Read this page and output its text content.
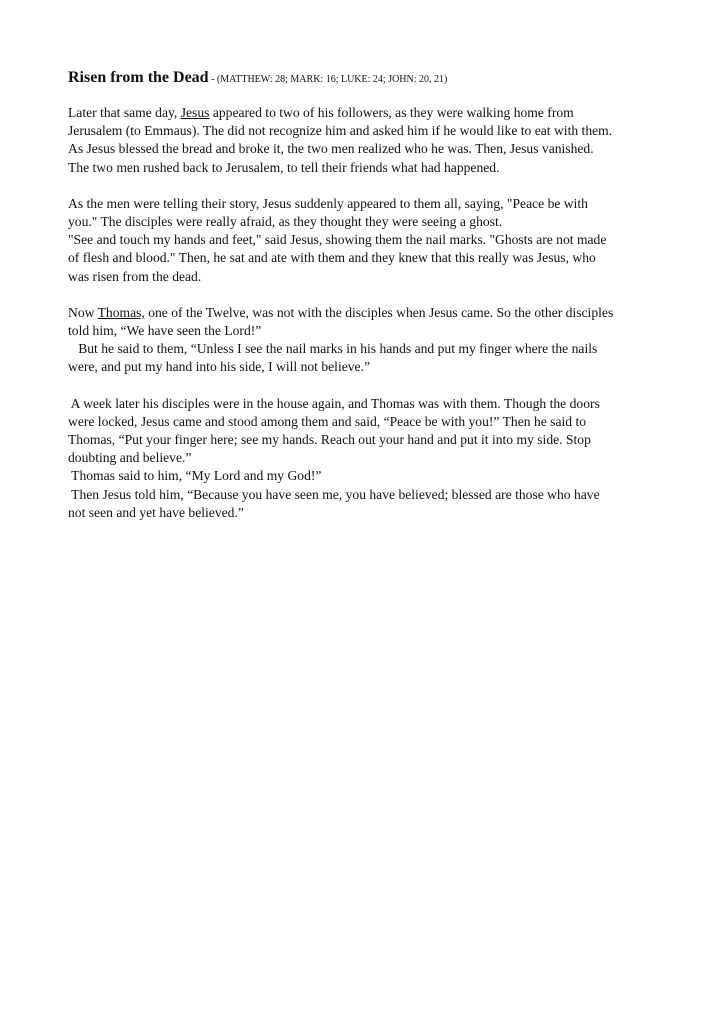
Risen from the Dead - (MATTHEW: 28; MARK: 16; LUKE: 24; JOHN: 20, 21)
Later that same day, Jesus appeared to two of his followers, as they were walking home from
Jerusalem (to Emmaus). The did not recognize him and asked him if he would like to eat with them.
As Jesus blessed the bread and broke it, the two men realized who he was. Then, Jesus vanished.
The two men rushed back to Jerusalem, to tell their friends what had happened.
As the men were telling their story, Jesus suddenly appeared to them all, saying, "Peace be with
you." The disciples were really afraid, as they thought they were seeing a ghost.
"See and touch my hands and feet," said Jesus, showing them the nail marks. "Ghosts are not made
of flesh and blood." Then, he sat and ate with them and they knew that this really was Jesus, who
was risen from the dead.
Now Thomas, one of the Twelve, was not with the disciples when Jesus came. So the other disciples
told him, “We have seen the Lord!”
But he said to them, “Unless I see the nail marks in his hands and put my finger where the nails
were, and put my hand into his side, I will not believe.”
A week later his disciples were in the house again, and Thomas was with them. Though the doors
were locked, Jesus came and stood among them and said, “Peace be with you!” Then he said to
Thomas, “Put your finger here; see my hands. Reach out your hand and put it into my side. Stop
doubting and believe.”
Thomas said to him, “My Lord and my God!”
Then Jesus told him, “Because you have seen me, you have believed; blessed are those who have
not seen and yet have believed.”
